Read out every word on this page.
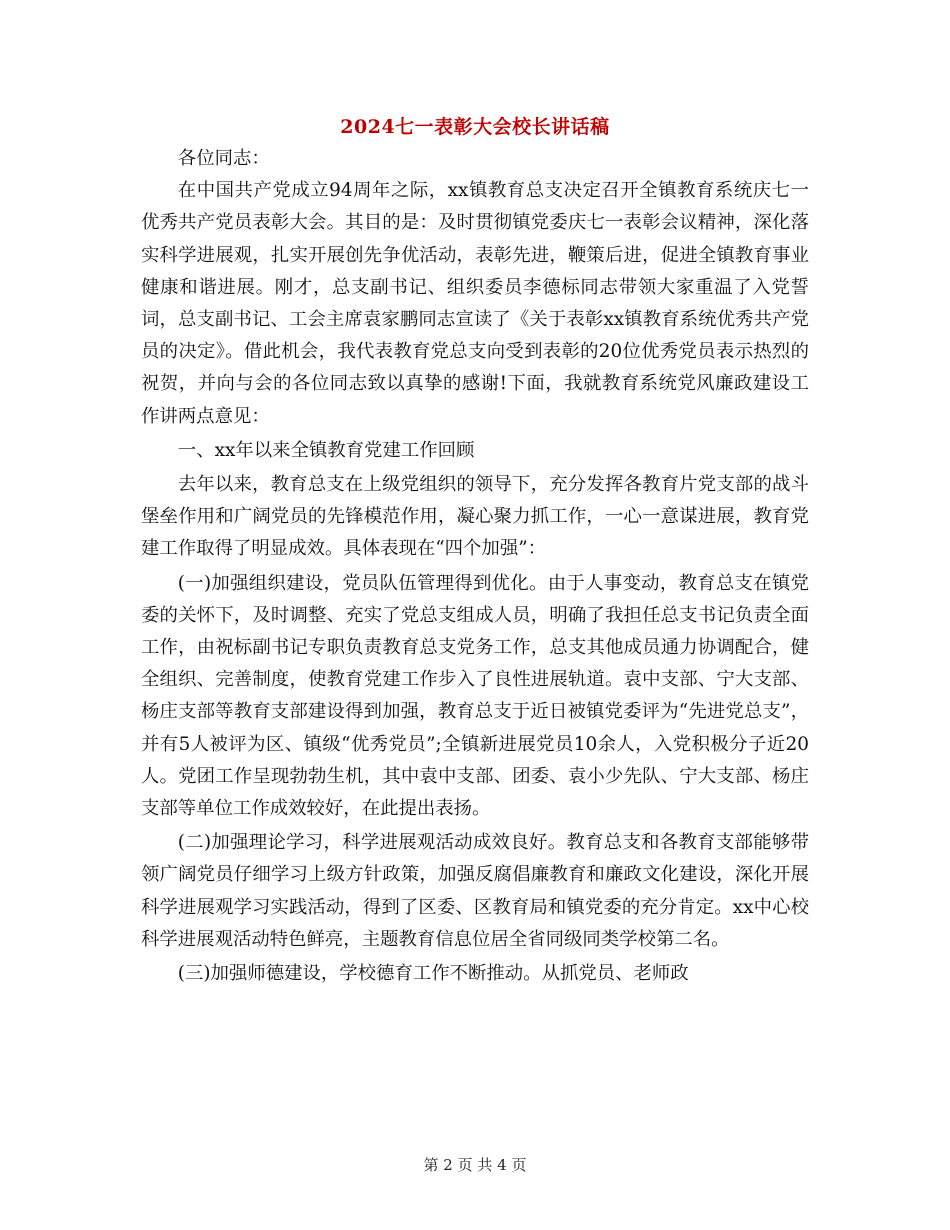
2024七一表彰大会校长讲话稿

各位同志：

在中国共产党成立94周年之际，xx镇教育总支决定召开全镇教育系统庆七一优秀共产党员表彰大会。其目的是：及时贯彻镇党委庆七一表彰会议精神，深化落实科学进展观，扎实开展创先争优活动，表彰先进，鞭策后进，促进全镇教育事业健康和谐进展。刚才，总支副书记、组织委员李德标同志带领大家重温了入党誓词，总支副书记、工会主席袁家鹏同志宣读了《关于表彰xx镇教育系统优秀共产党员的决定》。借此机会，我代表教育党总支向受到表彰的20位优秀党员表示热烈的祝贺，并向与会的各位同志致以真挚的感谢!下面，我就教育系统党风廉政建设工作讲两点意见：

一、xx年以来全镇教育党建工作回顾

去年以来，教育总支在上级党组织的领导下，充分发挥各教育片党支部的战斗堡垒作用和广阔党员的先锋模范作用，凝心聚力抓工作，一心一意谋进展，教育党建工作取得了明显成效。具体表现在“四个加强”：

(一)加强组织建设，党员队伍管理得到优化。由于人事变动，教育总支在镇党委的关怀下，及时调整、充实了党总支组成人员，明确了我担任总支书记负责全面工作，由祝标副书记专职负责教育总支党务工作，总支其他成员通力协调配合，健全组织、完善制度，使教育党建工作步入了良性进展轨道。袁中支部、宁大支部、杨庄支部等教育支部建设得到加强，教育总支于近日被镇党委评为“先进党总支”，并有5人被评为区、镇级“优秀党员”;全镇新进展党员10余人，入党积极分子近20人。党团工作呈现勃勃生机，其中袁中支部、团委、袁小少先队、宁大支部、杨庄支部等单位工作成效较好，在此提出表扬。

(二)加强理论学习，科学进展观活动成效良好。教育总支和各教育支部能够带领广阔党员仔细学习上级方针政策，加强反腐倡廉教育和廉政文化建设，深化开展科学进展观学习实践活动，得到了区委、区教育局和镇党委的充分肯定。xx中心校科学进展观活动特色鲜亮，主题教育信息位居全省同级同类学校第二名。

(三)加强师德建设，学校德育工作不断推动。从抓党员、老师政

第 2 页 共 4 页
